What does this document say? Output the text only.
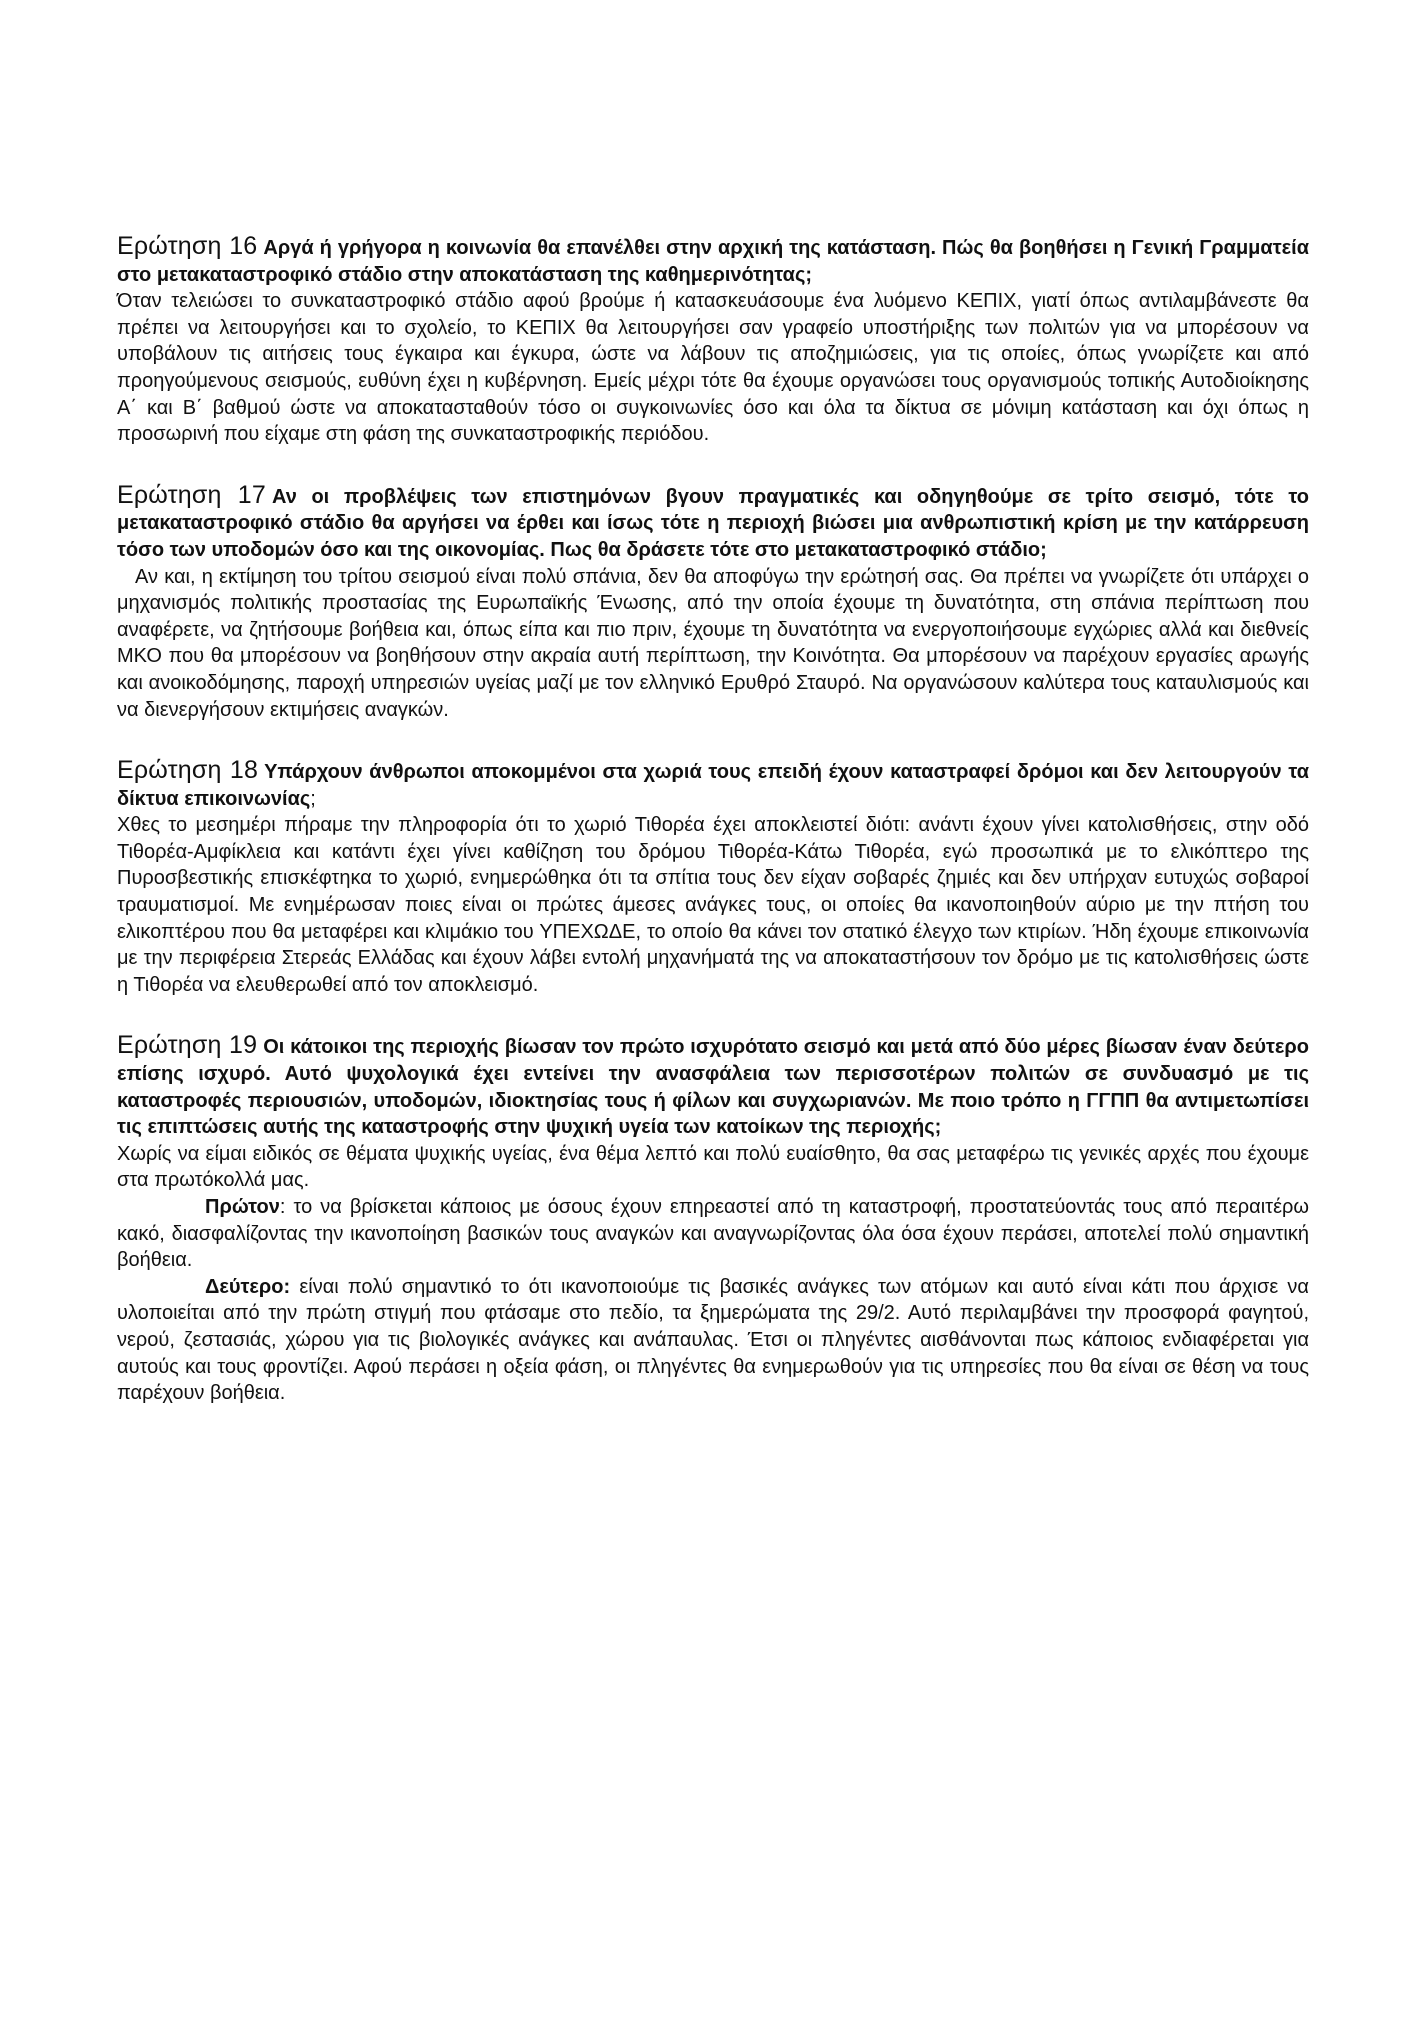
Ερώτηση 16 Αργά ή γρήγορα η κοινωνία θα επανέλθει στην αρχική της κατάσταση. Πώς θα βοηθήσει η Γενική Γραμματεία στο μετακαταστροφικό στάδιο στην αποκατάσταση της καθημερινότητας;

Όταν τελειώσει το συνκαταστροφικό στάδιο αφού βρούμε ή κατασκευάσουμε ένα λυόμενο ΚΕΠΙΧ, γιατί όπως αντιλαμβάνεστε θα πρέπει να λειτουργήσει και το σχολείο, το ΚΕΠΙΧ θα λειτουργήσει σαν γραφείο υποστήριξης των πολιτών για να μπορέσουν να υποβάλουν τις αιτήσεις τους έγκαιρα και έγκυρα, ώστε να λάβουν τις αποζημιώσεις, για τις οποίες, όπως γνωρίζετε και από προηγούμενους σεισμούς, ευθύνη έχει η κυβέρνηση. Εμείς μέχρι τότε θα έχουμε οργανώσει τους οργανισμούς τοπικής Αυτοδιοίκησης Α΄ και Β΄ βαθμού ώστε να αποκατασταθούν τόσο οι συγκοινωνίες όσο και όλα τα δίκτυα σε μόνιμη κατάσταση και όχι όπως η προσωρινή που είχαμε στη φάση της συνκαταστροφικής περιόδου.

Ερώτηση 17 Αν οι προβλέψεις των επιστημόνων βγουν πραγματικές και οδηγηθούμε σε τρίτο σεισμό, τότε το μετακαταστροφικό στάδιο θα αργήσει να έρθει και ίσως τότε η περιοχή βιώσει μια ανθρωπιστική κρίση με την κατάρρευση τόσο των υποδομών όσο και της οικονομίας. Πως θα δράσετε τότε στο μετακαταστροφικό στάδιο;

Αν και, η εκτίμηση του τρίτου σεισμού είναι πολύ σπάνια, δεν θα αποφύγω την ερώτησή σας. Θα πρέπει να γνωρίζετε ότι υπάρχει ο μηχανισμός πολιτικής προστασίας της Ευρωπαϊκής Ένωσης, από την οποία έχουμε τη δυνατότητα, στη σπάνια περίπτωση που αναφέρετε, να ζητήσουμε βοήθεια και, όπως είπα και πιο πριν, έχουμε τη δυνατότητα να ενεργοποιήσουμε εγχώριες αλλά και διεθνείς ΜΚΟ που θα μπορέσουν να βοηθήσουν στην ακραία αυτή περίπτωση, την Κοινότητα. Θα μπορέσουν να παρέχουν εργασίες αρωγής και ανοικοδόμησης, παροχή υπηρεσιών υγείας μαζί με τον ελληνικό Ερυθρό Σταυρό. Να οργανώσουν καλύτερα τους καταυλισμούς και να διενεργήσουν εκτιμήσεις αναγκών.

Ερώτηση 18 Υπάρχουν άνθρωποι αποκομμένοι στα χωριά τους επειδή έχουν καταστραφεί δρόμοι και δεν λειτουργούν τα δίκτυα επικοινωνίας;

Χθες το μεσημέρι πήραμε την πληροφορία ότι το χωριό Τιθορέα έχει αποκλειστεί διότι: ανάντι έχουν γίνει κατολισθήσεις, στην οδό Τιθορέα-Αμφίκλεια και κατάντι έχει γίνει καθίζηση του δρόμου Τιθορέα-Κάτω Τιθορέα, εγώ προσωπικά με το ελικόπτερο της Πυροσβεστικής επισκέφτηκα το χωριό, ενημερώθηκα ότι τα σπίτια τους δεν είχαν σοβαρές ζημιές και δεν υπήρχαν ευτυχώς σοβαροί τραυματισμοί. Με ενημέρωσαν ποιες είναι οι πρώτες άμεσες ανάγκες τους, οι οποίες θα ικανοποιηθούν αύριο με την πτήση του ελικοπτέρου που θα μεταφέρει και κλιμάκιο του ΥΠΕΧΩΔΕ, το οποίο θα κάνει τον στατικό έλεγχο των κτιρίων. Ήδη έχουμε επικοινωνία με την περιφέρεια Στερεάς Ελλάδας και έχουν λάβει εντολή μηχανήματά της να αποκαταστήσουν τον δρόμο με τις κατολισθήσεις ώστε η Τιθορέα να ελευθερωθεί από τον αποκλεισμό.

Ερώτηση 19 Οι κάτοικοι της περιοχής βίωσαν τον πρώτο ισχυρότατο σεισμό και μετά από δύο μέρες βίωσαν έναν δεύτερο επίσης ισχυρό. Αυτό ψυχολογικά έχει εντείνει την ανασφάλεια των περισσοτέρων πολιτών σε συνδυασμό με τις καταστροφές περιουσιών, υποδομών, ιδιοκτησίας τους ή φίλων και συγχωριανών. Με ποιο τρόπο η ΓΓΠΠ θα αντιμετωπίσει τις επιπτώσεις αυτής της καταστροφής στην ψυχική υγεία των κατοίκων της περιοχής;

Χωρίς να είμαι ειδικός σε θέματα ψυχικής υγείας, ένα θέμα λεπτό και πολύ ευαίσθητο, θα σας μεταφέρω τις γενικές αρχές που έχουμε στα πρωτόκολλά μας.

Πρώτον: το να βρίσκεται κάποιος με όσους έχουν επηρεαστεί από τη καταστροφή, προστατεύοντάς τους από περαιτέρω κακό, διασφαλίζοντας την ικανοποίηση βασικών τους αναγκών και αναγνωρίζοντας όλα όσα έχουν περάσει, αποτελεί πολύ σημαντική βοήθεια.

Δεύτερο: είναι πολύ σημαντικό το ότι ικανοποιούμε τις βασικές ανάγκες των ατόμων και αυτό είναι κάτι που άρχισε να υλοποιείται από την πρώτη στιγμή που φτάσαμε στο πεδίο, τα ξημερώματα της 29/2. Αυτό περιλαμβάνει την προσφορά φαγητού, νερού, ζεστασιάς, χώρου για τις βιολογικές ανάγκες και ανάπαυλας. Έτσι οι πληγέντες αισθάνονται πως κάποιος ενδιαφέρεται για αυτούς και τους φροντίζει. Αφού περάσει η οξεία φάση, οι πληγέντες θα ενημερωθούν για τις υπηρεσίες που θα είναι σε θέση να τους παρέχουν βοήθεια.
